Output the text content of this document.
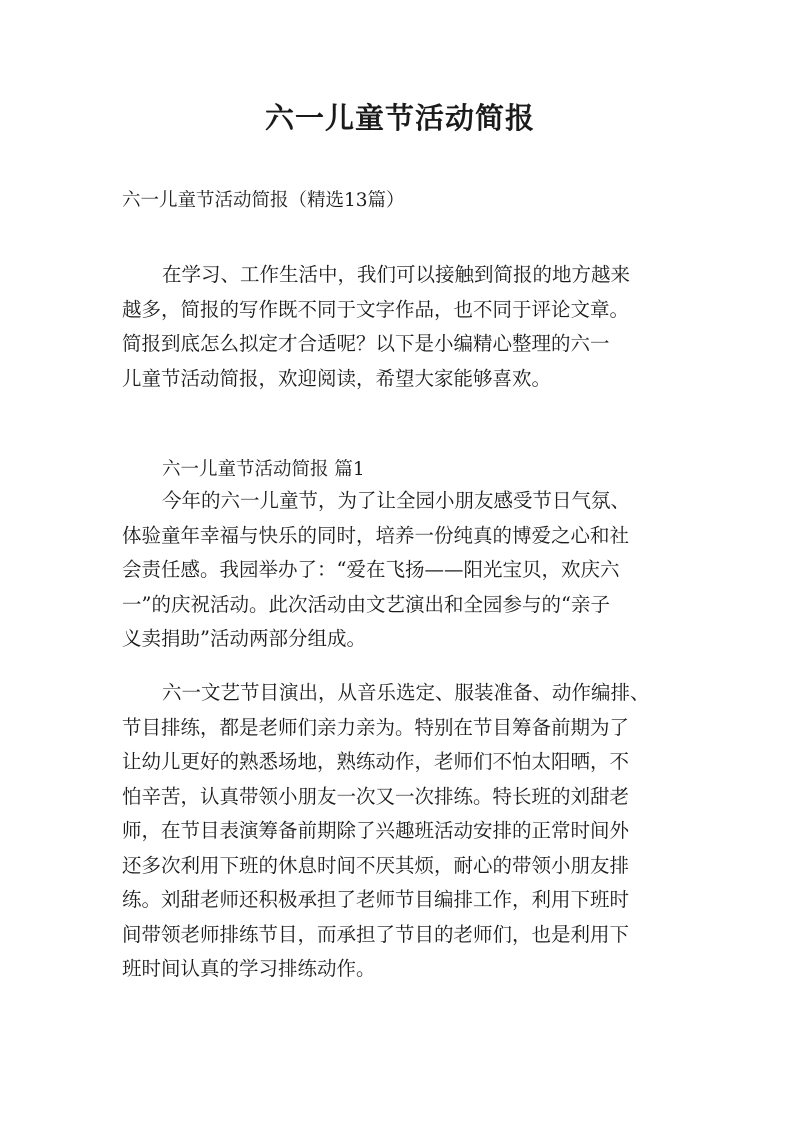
六一儿童节活动简报

六一儿童节活动简报（精选13篇）

在学习、工作生活中，我们可以接触到简报的地方越来
越多，简报的写作既不同于文字作品，也不同于评论文章。
简报到底怎么拟定才合适呢？以下是小编精心整理的六一
儿童节活动简报，欢迎阅读，希望大家能够喜欢。

六一儿童节活动简报 篇1

今年的六一儿童节，为了让全园小朋友感受节日气氛、
体验童年幸福与快乐的同时，培养一份纯真的博爱之心和社
会责任感。我园举办了：“爱在飞扬——阳光宝贝，欢庆六
一”的庆祝活动。此次活动由文艺演出和全园参与的“亲子
义卖捐助”活动两部分组成。
六一文艺节目演出，从音乐选定、服装准备、动作编排、
节目排练，都是老师们亲力亲为。特别在节目筹备前期为了
让幼儿更好的熟悉场地，熟练动作，老师们不怕太阳晒，不
怕辛苦，认真带领小朋友一次又一次排练。特长班的刘甜老
师，在节目表演筹备前期除了兴趣班活动安排的正常时间外
还多次利用下班的休息时间不厌其烦，耐心的带领小朋友排
练。刘甜老师还积极承担了老师节目编排工作，利用下班时
间带领老师排练节目，而承担了节目的老师们，也是利用下
班时间认真的学习排练动作。
